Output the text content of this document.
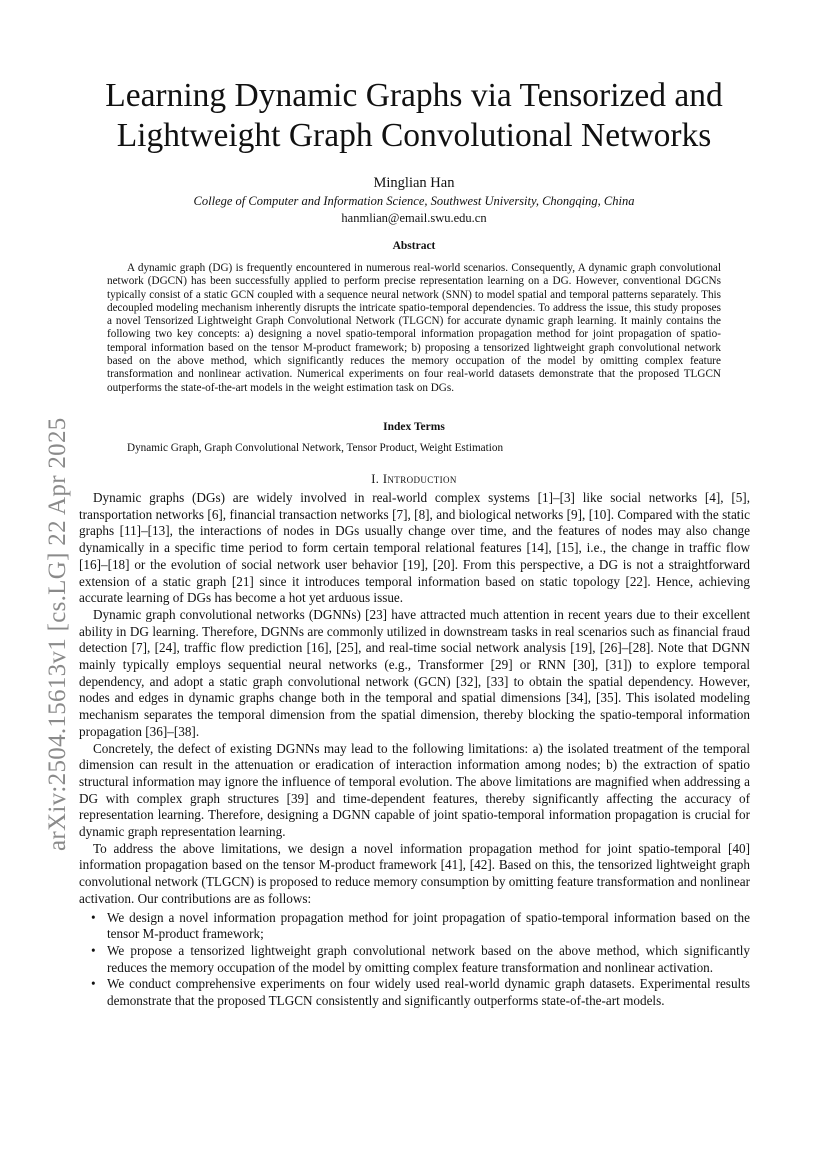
arXiv:2504.15613v1 [cs.LG] 22 Apr 2025
Learning Dynamic Graphs via Tensorized and
Lightweight Graph Convolutional Networks
Minglian Han
College of Computer and Information Science, Southwest University, Chongqing, China
hanmlian@email.swu.edu.cn
Abstract

A dynamic graph (DG) is frequently encountered in numerous real-world scenarios. Consequently, A dynamic graph convolutional network (DGCN) has been successfully applied to perform precise representation learning on a DG. However, conventional DGCNs typically consist of a static GCN coupled with a sequence neural network (SNN) to model spatial and temporal patterns separately. This decoupled modeling mechanism inherently disrupts the intricate spatio-temporal dependencies. To address the issue, this study proposes a novel Tensorized Lightweight Graph Convolutional Network (TLGCN) for accurate dynamic graph learning. It mainly contains the following two key concepts: a) designing a novel spatio-temporal information propagation method for joint propagation of spatio-temporal information based on the tensor M-product framework; b) proposing a tensorized lightweight graph convolutional network based on the above method, which significantly reduces the memory occupation of the model by omitting complex feature transformation and nonlinear activation. Numerical experiments on four real-world datasets demonstrate that the proposed TLGCN outperforms the state-of-the-art models in the weight estimation task on DGs.

Index Terms
Dynamic Graph, Graph Convolutional Network, Tensor Product, Weight Estimation
I. Introduction

Dynamic graphs (DGs) are widely involved in real-world complex systems [1]–[3] like social networks [4], [5], transportation networks [6], financial transaction networks [7], [8], and biological networks [9], [10]. Compared with the static graphs [11]–[13], the interactions of nodes in DGs usually change over time, and the features of nodes may also change dynamically in a specific time period to form certain temporal relational features [14], [15], i.e., the change in traffic flow [16]–[18] or the evolution of social network user behavior [19], [20]. From this perspective, a DG is not a straightforward extension of a static graph [21] since it introduces temporal information based on static topology [22]. Hence, achieving accurate learning of DGs has become a hot yet arduous issue.

Dynamic graph convolutional networks (DGNNs) [23] have attracted much attention in recent years due to their excellent ability in DG learning. Therefore, DGNNs are commonly utilized in downstream tasks in real scenarios such as financial fraud detection [7], [24], traffic flow prediction [16], [25], and real-time social network analysis [19], [26]–[28]. Note that DGNN mainly typically employs sequential neural networks (e.g., Transformer [29] or RNN [30], [31]) to explore temporal dependency, and adopt a static graph convolutional network (GCN) [32], [33] to obtain the spatial dependency. However, nodes and edges in dynamic graphs change both in the temporal and spatial dimensions [34], [35]. This isolated modeling mechanism separates the temporal dimension from the spatial dimension, thereby blocking the spatio-temporal information propagation [36]–[38].

Concretely, the defect of existing DGNNs may lead to the following limitations: a) the isolated treatment of the temporal dimension can result in the attenuation or eradication of interaction information among nodes; b) the extraction of spatio structural information may ignore the influence of temporal evolution. The above limitations are magnified when addressing a DG with complex graph structures [39] and time-dependent features, thereby significantly affecting the accuracy of representation learning. Therefore, designing a DGNN capable of joint spatio-temporal information propagation is crucial for dynamic graph representation learning.

To address the above limitations, we design a novel information propagation method for joint spatio-temporal [40] information propagation based on the tensor M-product framework [41], [42]. Based on this, the tensorized lightweight graph convolutional network (TLGCN) is proposed to reduce memory consumption by omitting feature transformation and nonlinear activation. Our contributions are as follows:

• We design a novel information propagation method for joint propagation of spatio-temporal information based on the tensor M-product framework;
• We propose a tensorized lightweight graph convolutional network based on the above method, which significantly reduces the memory occupation of the model by omitting complex feature transformation and nonlinear activation.
• We conduct comprehensive experiments on four widely used real-world dynamic graph datasets. Experimental results demonstrate that the proposed TLGCN consistently and significantly outperforms state-of-the-art models.
